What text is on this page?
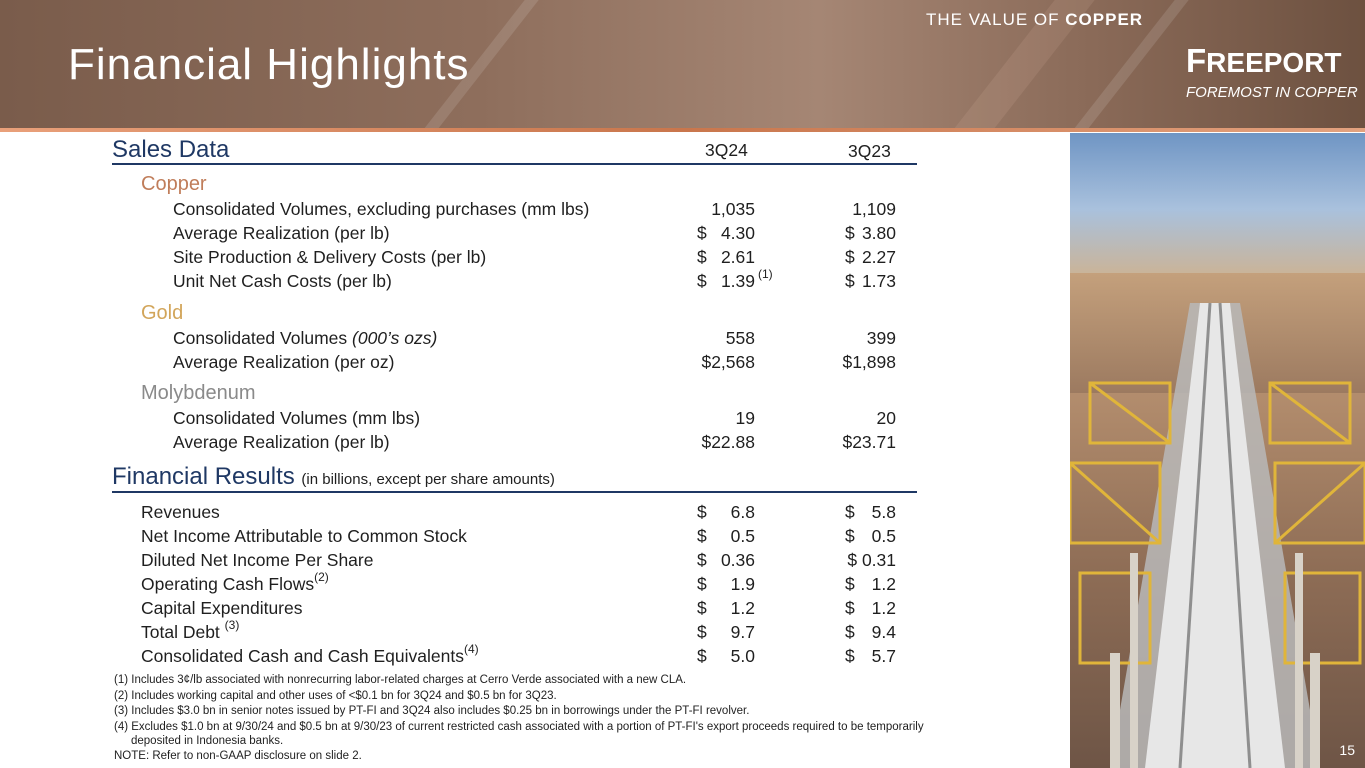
Financial Highlights
THE VALUE OF COPPER
FREEPORT
FOREMOST IN COPPER
15
Sales Data	3Q24	3Q23
Copper
Consolidated Volumes, excluding purchases (mm lbs)	1,035	1,109
Average Realization (per lb)	$ 4.30	$ 3.80
Site Production & Delivery Costs (per lb)	$ 2.61	$ 2.27
Unit Net Cash Costs (per lb)	$ 1.39 $^{(1)}$	$ 1.73
Gold
Consolidated Volumes (000’s ozs)	558	399
Average Realization (per oz)	$2,568	$1,898
Molybdenum
Consolidated Volumes (mm lbs)	19	20
Average Realization (per lb)	$22.88	$23.71
Financial Results (in billions, except per share amounts)
Revenues	$	6.8	$ 5.8
Net Income Attributable to Common Stock	$	0.5	$ 0.5
Diluted Net Income Per Share	$ 0.36	$ 0.31
Operating Cash Flows$^{(2)}$	$	1.9	$ 1.2
Capital Expenditures	$	1.2	$ 1.2
Total Debt $^{(3)}$	$	9.7	$ 9.4
Consolidated Cash and Cash Equivalents$^{(4)}$	$	5.0	$ 5.7
(1) Includes 3¢/lb associated with nonrecurring labor-related charges at Cerro Verde associated with a new CLA.
(2) Includes working capital and other uses of <$0.1 bn for 3Q24 and $0.5 bn for 3Q23.
(3) Includes $3.0 bn in senior notes issued by PT-FI and 3Q24 also includes $0.25 bn in borrowings under the PT-FI revolver.
(4) Excludes $1.0 bn at 9/30/24 and $0.5 bn at 9/30/23 of current restricted cash associated with a portion of PT-FI's export proceeds required to be temporarily deposited in Indonesia banks.
NOTE: Refer to non-GAAP disclosure on slide 2.
